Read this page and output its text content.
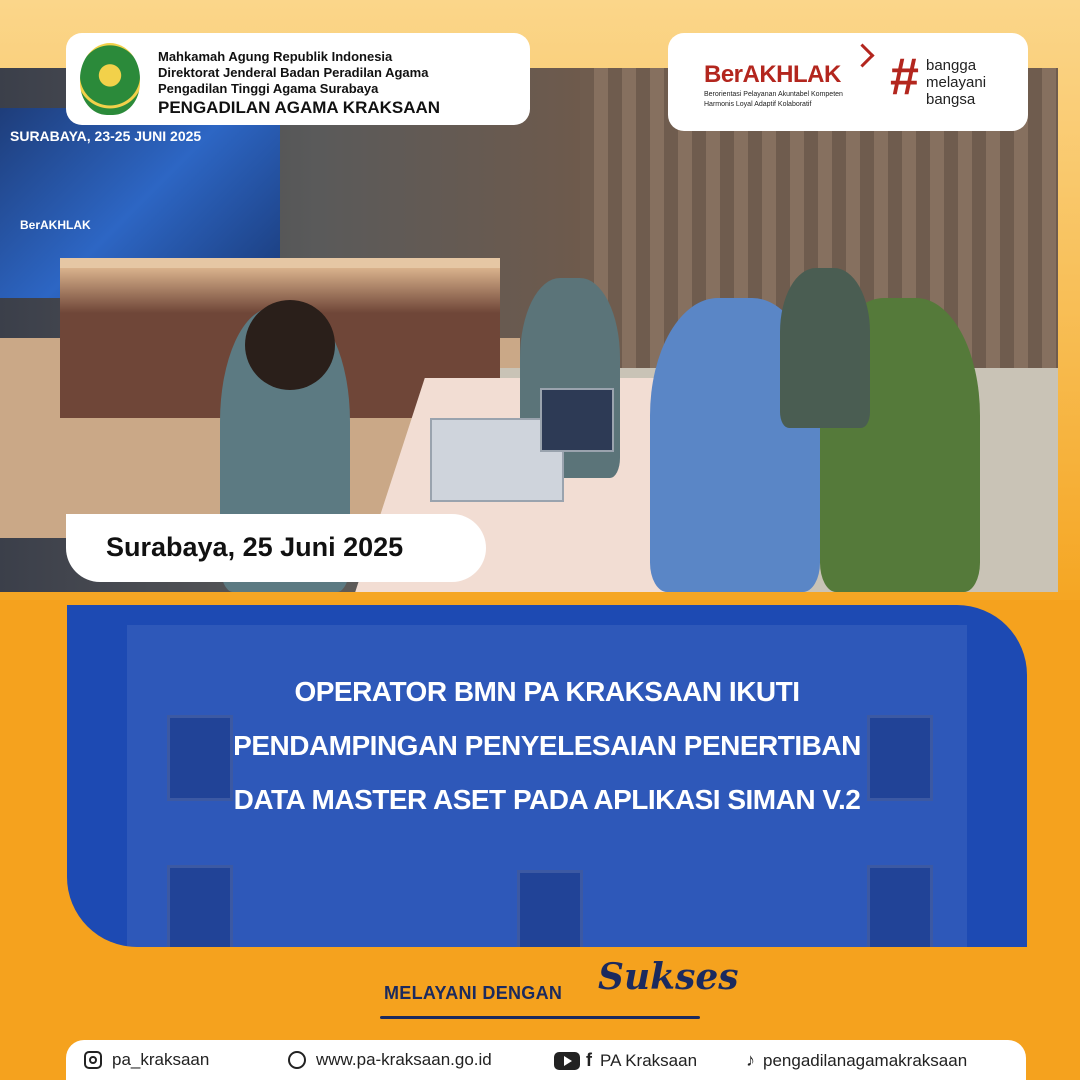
SURABAYA, 23-25 JUNI 2025
BerAKHLAK
Mahkamah Agung Republik Indonesia
Direktorat Jenderal Badan Peradilan Agama
Pengadilan Tinggi Agama Surabaya
PENGADILAN AGAMA KRAKSAAN
BerAKHLAK
Berorientasi Pelayanan Akuntabel Kompeten Harmonis Loyal Adaptif Kolaboratif	# bangga
melayani
bangsa
Surabaya, 25 Juni 2025
OPERATOR BMN PA KRAKSAAN IKUTI
PENDAMPINGAN PENYELESAIAN PENERTIBAN
DATA MASTER ASET PADA APLIKASI SIMAN V.2
MELAYANI DENGAN Sukses
pa_kraksaan	www.pa-kraksaan.go.id	f PA Kraksaan	♪ pengadilanagamakraksaan
